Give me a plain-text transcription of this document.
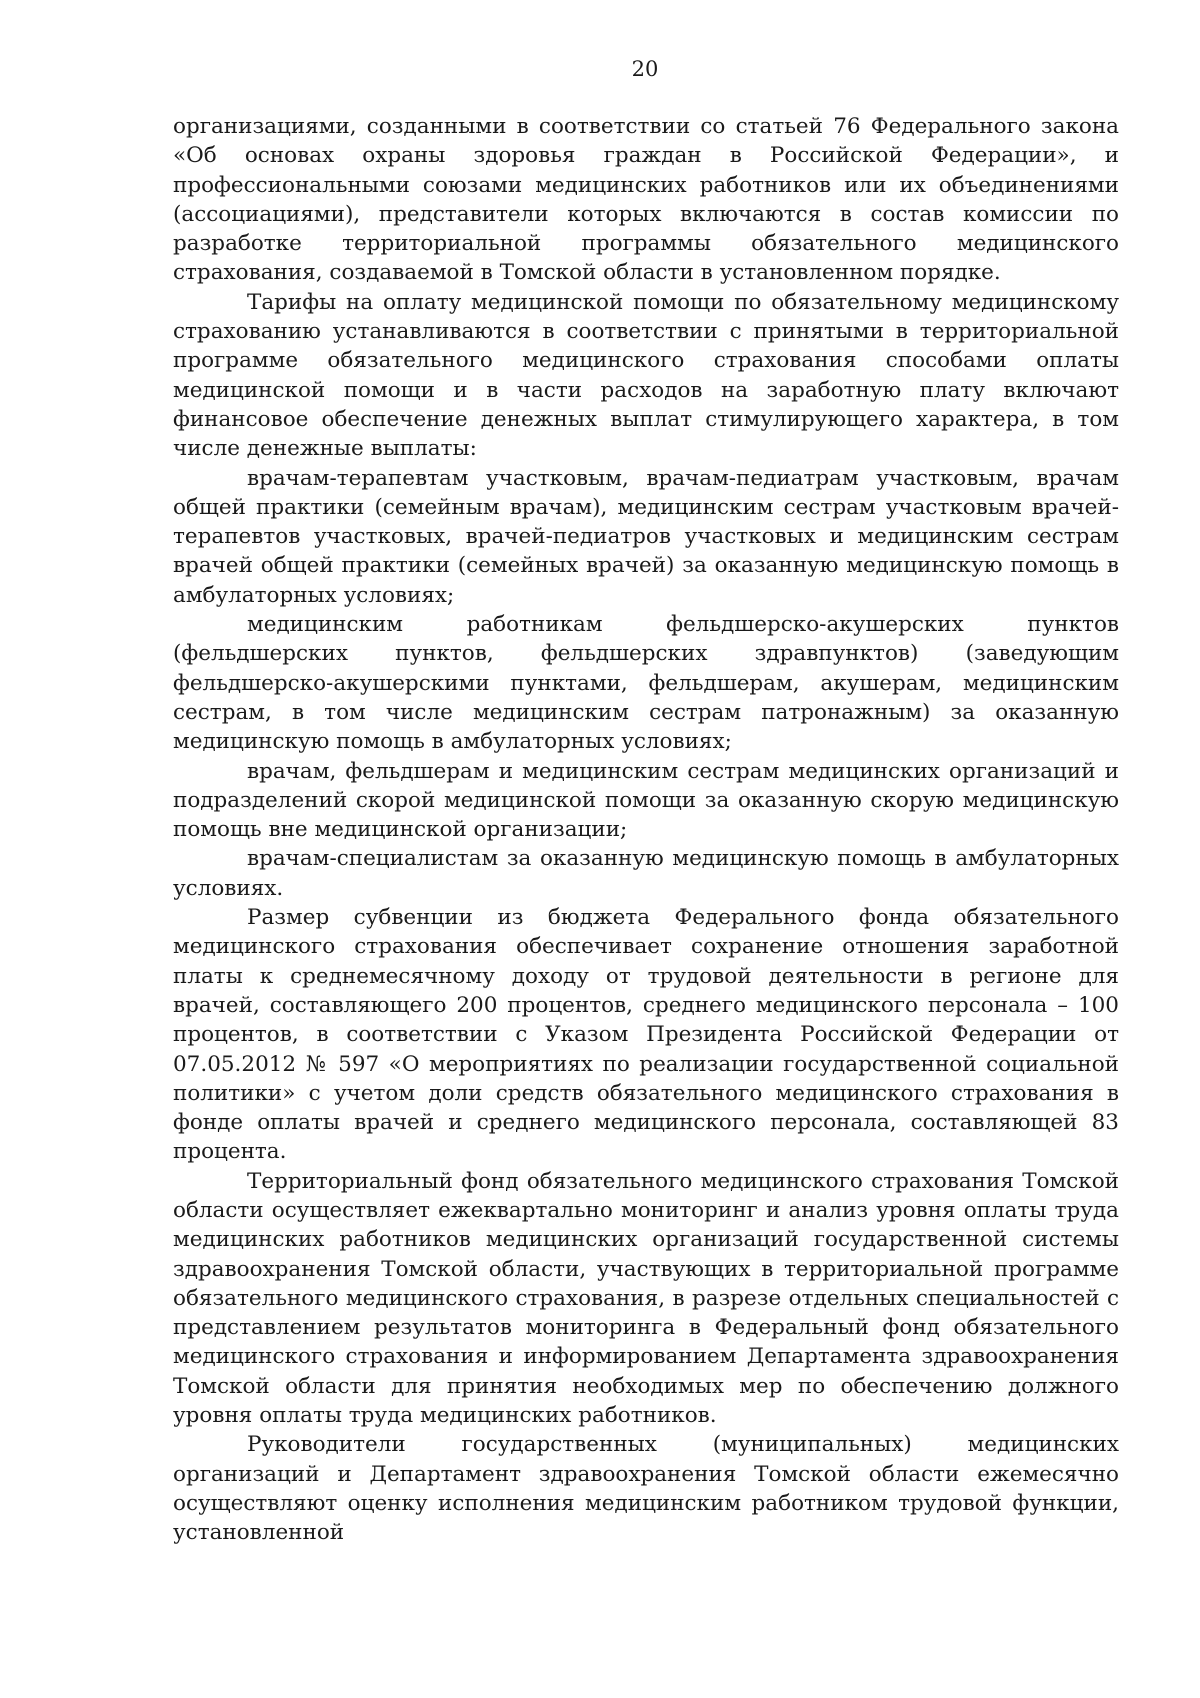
20

организациями, созданными в соответствии со статьей 76 Федерального закона «Об основах охраны здоровья граждан в Российской Федерации», и профессиональными союзами медицинских работников или их объединениями (ассоциациями), представители которых включаются в состав комиссии по разработке территориальной программы обязательного медицинского страхования, создаваемой в Томской области в установленном порядке.

Тарифы на оплату медицинской помощи по обязательному медицинскому страхованию устанавливаются в соответствии с принятыми в территориальной программе обязательного медицинского страхования способами оплаты медицинской помощи и в части расходов на заработную плату включают финансовое обеспечение денежных выплат стимулирующего характера, в том числе денежные выплаты:

врачам-терапевтам участковым, врачам-педиатрам участковым, врачам общей практики (семейным врачам), медицинским сестрам участковым врачей-терапевтов участковых, врачей-педиатров участковых и медицинским сестрам врачей общей практики (семейных врачей) за оказанную медицинскую помощь в амбулаторных условиях;

медицинским работникам фельдшерско-акушерских пунктов (фельдшерских пунктов, фельдшерских здравпунктов) (заведующим фельдшерско-акушерскими пунктами, фельдшерам, акушерам, медицинским сестрам, в том числе медицинским сестрам патронажным) за оказанную медицинскую помощь в амбулаторных условиях;

врачам, фельдшерам и медицинским сестрам медицинских организаций и подразделений скорой медицинской помощи за оказанную скорую медицинскую помощь вне медицинской организации;

врачам-специалистам за оказанную медицинскую помощь в амбулаторных условиях.

Размер субвенции из бюджета Федерального фонда обязательного медицинского страхования обеспечивает сохранение отношения заработной платы к среднемесячному доходу от трудовой деятельности в регионе для врачей, составляющего 200 процентов, среднего медицинского персонала – 100 процентов, в соответствии с Указом Президента Российской Федерации от 07.05.2012 № 597 «О мероприятиях по реализации государственной социальной политики» с учетом доли средств обязательного медицинского страхования в фонде оплаты врачей и среднего медицинского персонала, составляющей 83 процента.

Территориальный фонд обязательного медицинского страхования Томской области осуществляет ежеквартально мониторинг и анализ уровня оплаты труда медицинских работников медицинских организаций государственной системы здравоохранения Томской области, участвующих в территориальной программе обязательного медицинского страхования, в разрезе отдельных специальностей с представлением результатов мониторинга в Федеральный фонд обязательного медицинского страхования и информированием Департамента здравоохранения Томской области для принятия необходимых мер по обеспечению должного уровня оплаты труда медицинских работников.

Руководители государственных (муниципальных) медицинских организаций и Департамент здравоохранения Томской области ежемесячно осуществляют оценку исполнения медицинским работником трудовой функции, установленной
